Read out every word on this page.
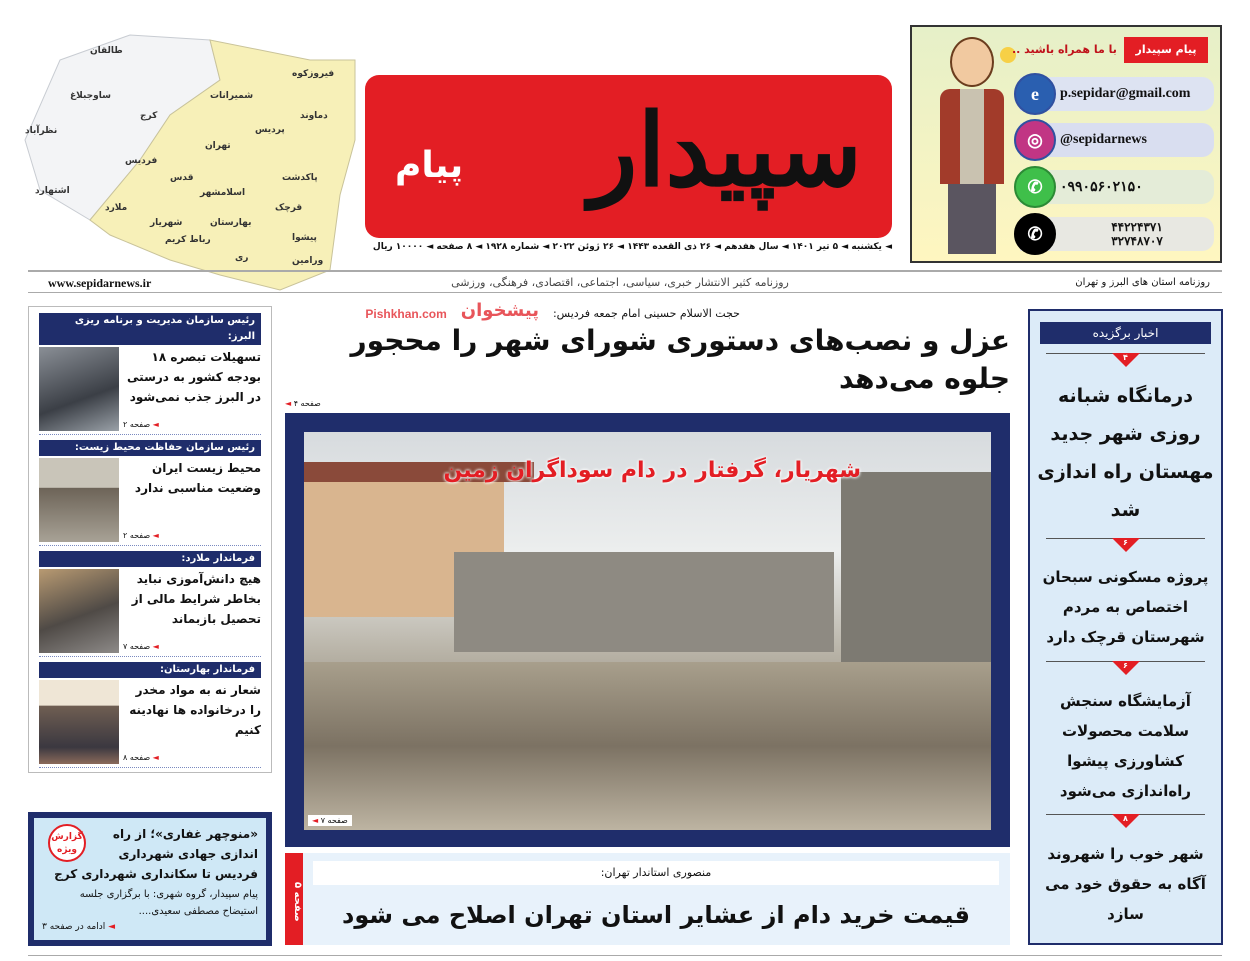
طالقان
ساوجبلاغ
کرج
نظرآباد
فردیس
اشتهارد
ملارد
شمیرانات
تهران
پردیس
دماوند
فیروزکوه
قدس
اسلامشهر
شهریار	بهارستان
رباط کریم
ری
قرچک
پاکدشت
پیشوا
ورامین
سپیدار
پیام
پیام سپیدار
با ما همراه باشید ..
e	p.sepidar@gmail.com
◎	@sepidarnews
✆	۰۹۹۰۵۶۰۲۱۵۰
✆	۴۴۲۲۴۳۷۱
۳۲۷۴۸۷۰۷
◄ یکشنبه ◄ ۵ تیر ۱۴۰۱ ◄ سال هفدهم ◄ ۲۶ ذی القعده ۱۴۴۳ ◄ ۲۶ ژوئن ۲۰۲۲ ◄ شماره ۱۹۲۸ ◄ ۸ صفحه ◄ ۱۰۰۰۰ ریال
www.sepidarnews.ir	روزنامه کثیر الانتشار خبری، سیاسی، اجتماعی، اقتصادی، فرهنگی، ورزشی	روزنامه استان های البرز و تهران
رئیس سازمان مدیریت و برنامه ریزی البرز:
تسهیلات تبصره ۱۸ بودجه کشور به درستی در البرز جذب نمی‌شود
◄ صفحه ۲
رئیس سازمان حفاظت محیط زیست:
محیط زیست ایران وضعیت مناسبی ندارد
◄ صفحه ۲
فرماندار ملارد:
هیچ دانش‌آموزی نباید بخاطر شرایط مالی از تحصیل بازبماند
◄ صفحه ۷
فرماندار بهارستان:
شعار نه به مواد مخدر را درخانواده ها نهادینه کنیم
◄ صفحه ۸
گزارش ویژه
«منوچهر غفاری»؛ از راه اندازی جهادی شهرداری فردیس تا سکانداری شهرداری کرج
پیام سپیدار، گروه شهری: با برگزاری جلسه استیضاح مصطفی سعیدی....
◄ ادامه در صفحه ۳
حجت الاسلام حسینی امام جمعه فردیس:
پیشخوان
Pishkhan.com
عزل و نصب‌های دستوری شورای شهر را محجور جلوه می‌دهد
◄ صفحه ۴
شهریار، گرفتار در دام سوداگران زمین
◄ صفحه ۷
صفحه ۵
منصوری استاندار تهران:
قیمت خرید دام از عشایر استان تهران اصلاح می شود
اخبار برگزیده
۴
درمانگاه شبانه روزی شهر جدید مهستان راه اندازی شد
۶
پروژه مسکونی سبحان اختصاص به مردم شهرستان قرچک دارد
۶
آزمایشگاه سنجش سلامت محصولات کشاورزی پیشوا راه‌اندازی می‌شود
۸
شهر خوب را شهروند آگاه به حقوق خود می سازد
